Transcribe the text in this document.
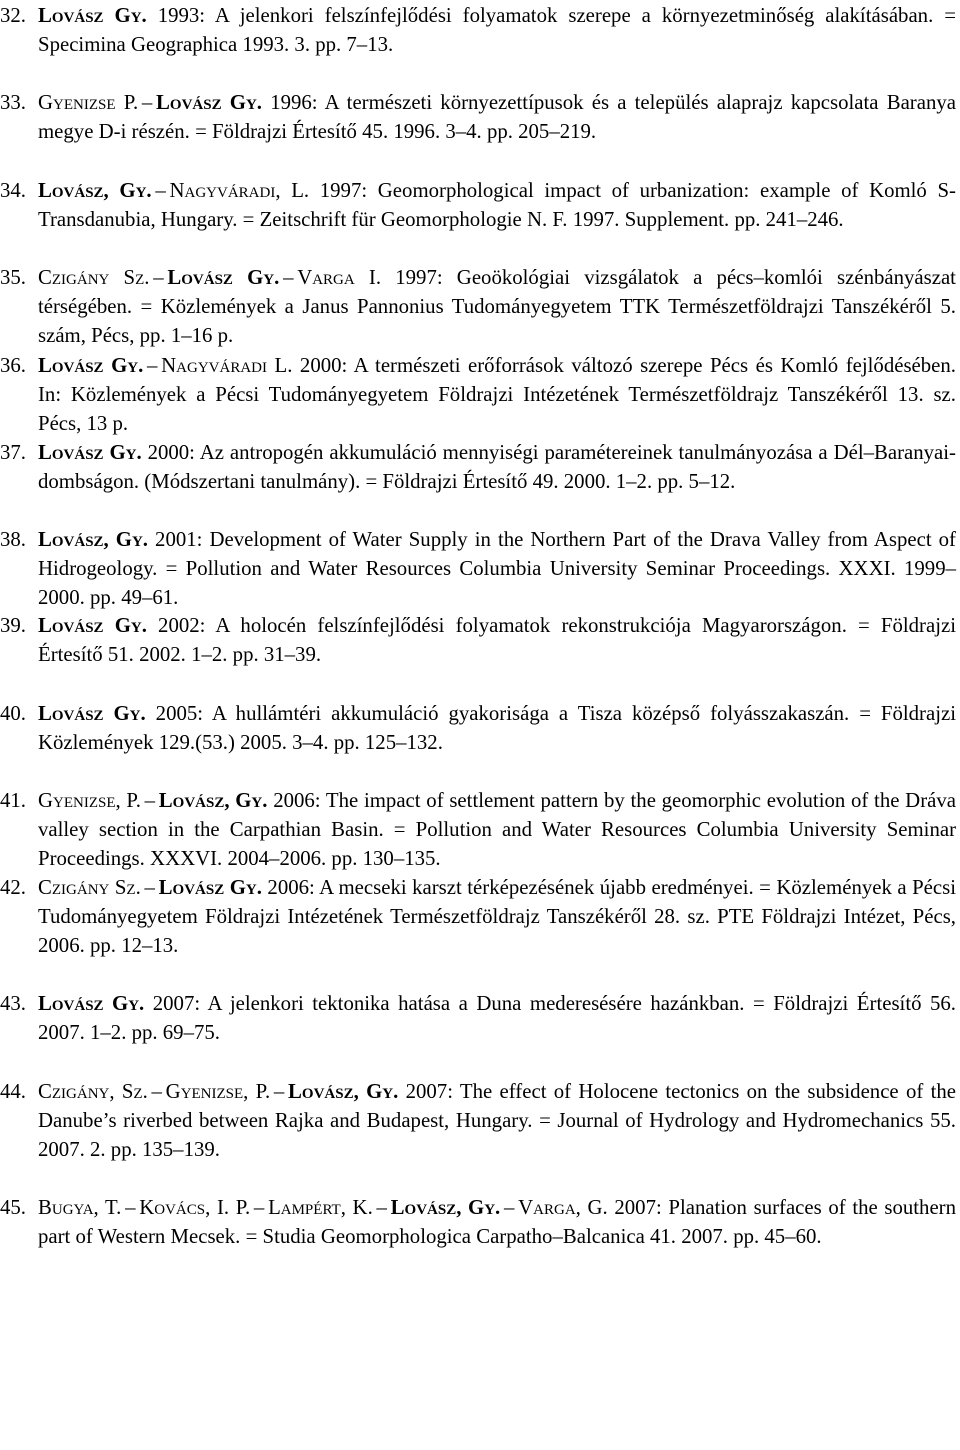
32. Lovász Gy. 1993: A jelenkori felszínfejlődési folyamatok szerepe a környezetminőség alakításában. = Specimina Geographica 1993. 3. pp. 7–13.

33. Gyenizse P. – Lovász Gy. 1996: A természeti környezettípusok és a település alaprajz kapcsolata Baranya megye D-i részén. = Földrajzi Értesítő 45. 1996. 3–4. pp. 205–219.

34. Lovász, Gy. – Nagyváradi, L. 1997: Geomorphological impact of urbanization: example of Komló S-Transdanubia, Hungary. = Zeitschrift für Geomorphologie N. F. 1997. Supplement. pp. 241–246.

35. Czigány Sz. – Lovász Gy. – Varga I. 1997: Geoökológiai vizsgálatok a pécs–komlói szénbányászat térségében. = Közlemények a Janus Pannonius Tudományegyetem TTK Természetföldrajzi Tanszékéről 5. szám, Pécs, pp. 1–16 p.

36. Lovász Gy. – Nagyváradi L. 2000: A természeti erőforrások változó szerepe Pécs és Komló fejlődésében. In: Közlemények a Pécsi Tudományegyetem Földrajzi Intézetének Természetföldrajz Tanszékéről 13. sz. Pécs, 13 p.

37. Lovász Gy. 2000: Az antropogén akkumuláció mennyiségi paramétereinek tanulmányozása a Dél–Baranyai-dombságon. (Módszertani tanulmány). = Földrajzi Értesítő 49. 2000. 1–2. pp. 5–12.

38. Lovász, Gy. 2001: Development of Water Supply in the Northern Part of the Drava Valley from Aspect of Hidrogeology. = Pollution and Water Resources Columbia University Seminar Proceedings. XXXI. 1999–2000. pp. 49–61.

39. Lovász Gy. 2002: A holocén felszínfejlődési folyamatok rekonstrukciója Magyarországon. = Földrajzi Értesítő 51. 2002. 1–2. pp. 31–39.

40. Lovász Gy. 2005: A hullámtéri akkumuláció gyakorisága a Tisza középső folyásszakaszán. = Földrajzi Közlemények 129.(53.) 2005. 3–4. pp. 125–132.

41. Gyenizse, P. – Lovász, Gy. 2006: The impact of settlement pattern by the geomorphic evolution of the Dráva valley section in the Carpathian Basin. = Pollution and Water Resources Columbia University Seminar Proceedings. XXXVI. 2004–2006. pp. 130–135.

42. Czigány Sz. – Lovász Gy. 2006: A mecseki karszt térképezésének újabb eredményei. = Közlemények a Pécsi Tudományegyetem Földrajzi Intézetének Természetföldrajz Tanszékéről 28. sz. PTE Földrajzi Intézet, Pécs, 2006. pp. 12–13.

43. Lovász Gy. 2007: A jelenkori tektonika hatása a Duna mederesésére hazánkban. = Földrajzi Értesítő 56. 2007. 1–2. pp. 69–75.

44. Czigány, Sz. – Gyenizse, P. – Lovász, Gy. 2007: The effect of Holocene tectonics on the subsidence of the Danube’s riverbed between Rajka and Budapest, Hungary. = Journal of Hydrology and Hydromechanics 55. 2007. 2. pp. 135–139.

45. Bugya, T. – Kovács, I. P. – Lampért, K. – Lovász, Gy. – Varga, G. 2007: Planation surfaces of the southern part of Western Mecsek. = Studia Geomorphologica Carpatho–Balcanica 41. 2007. pp. 45–60.
